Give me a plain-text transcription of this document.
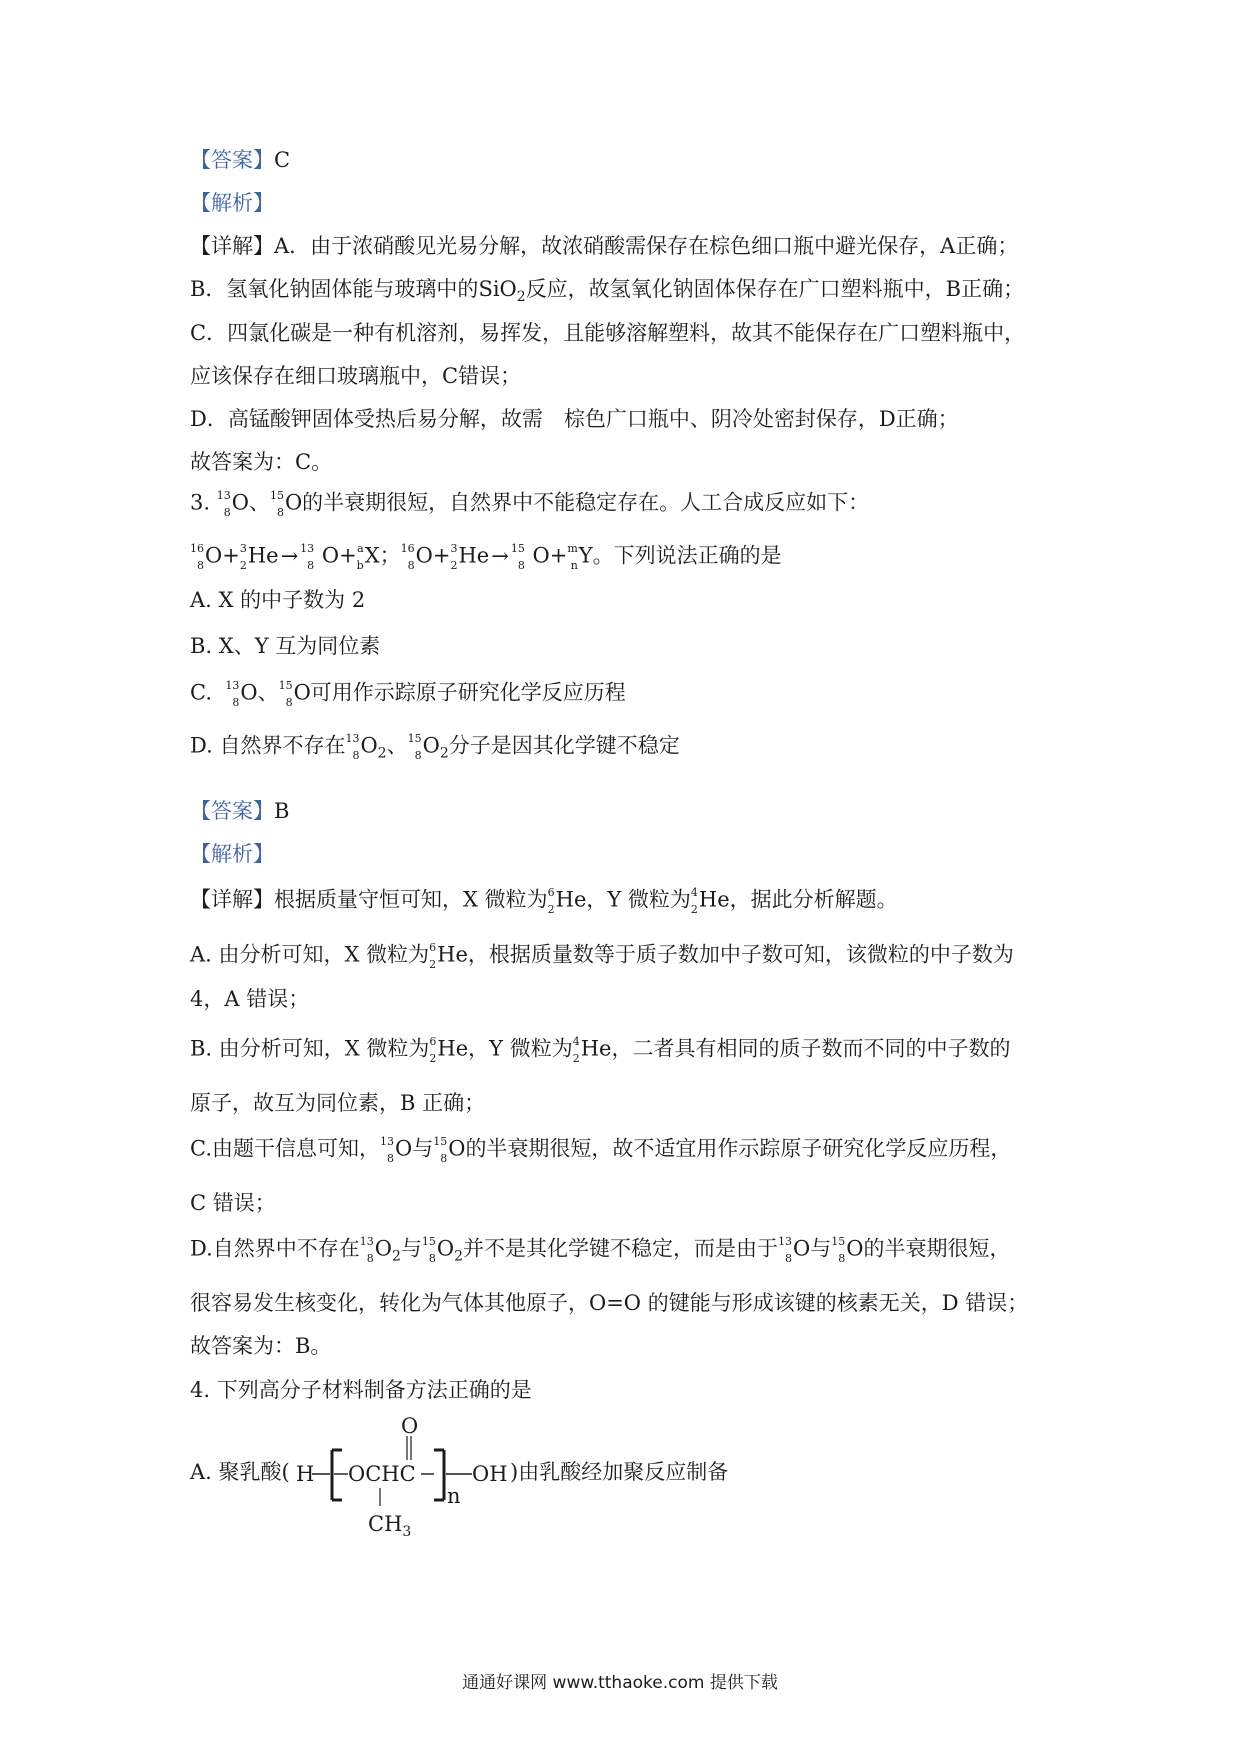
【答案】C
【解析】
【详解】A．由于浓硝酸见光易分解，故浓硝酸需保存在棕色细口瓶中避光保存，A正确；
B．氢氧化钠固体能与玻璃中的SiO$_2$反应，故氢氧化钠固体保存在广口塑料瓶中，B正确；
C．四氯化碳是一种有机溶剂，易挥发，且能够溶解塑料，故其不能保存在广口塑料瓶中，
应该保存在细口玻璃瓶中，C错误；
D．高锰酸钾固体受热后易分解，故需　棕色广口瓶中、阴冷处密封保存，D正确；
故答案为：C。
3. 13
8 O、 15
8 O的半衰期很短，自然界中不能稳定存在。人工合成反应如下：
16
8 O+ 3
2 He→ 13
8 O+ a
b X； 16
8 O+ 3
2 He→ 15
8 O+ m
n Y。下列说法正确的是
A. X 的中子数为 2
B. X、Y 互为同位素
C. 13
8 O、 15
8 O可用作示踪原子研究化学反应历程
D. 自然界不存在 13
8 $O_2$、 15
8 $O_2$分子是因其化学键不稳定
【答案】B
【解析】
【详解】根据质量守恒可知，X 微粒为 6
2 He，Y 微粒为 4
2 He，据此分析解题。
A. 由分析可知，X 微粒为 6
2 He，根据质量数等于质子数加中子数可知，该微粒的中子数为
4，A 错误；
B. 由分析可知，X 微粒为 6
2 He，Y 微粒为 4
2 He，二者具有相同的质子数而不同的中子数的
原子，故互为同位素，B 正确；
C.由题干信息可知， 13
8 O与 15
8 O的半衰期很短，故不适宜用作示踪原子研究化学反应历程，
C 错误；
D.自然界中不存在 13
8 $O_2$与 15
8 $O_2$并不是其化学键不稳定，而是由于 13
8 O与 15
8 O的半衰期很短，
很容易发生核变化，转化为气体其他原子，O=O 的键能与形成该键的核素无关，D 错误；
故答案为：B。
4. 下列高分子材料制备方法正确的是
A. 聚乳酸( H OCHC
O
n
OH
$CH_3$
)由乳酸经加聚反应制备
通通好课网 www.tthaoke.com 提供下载
